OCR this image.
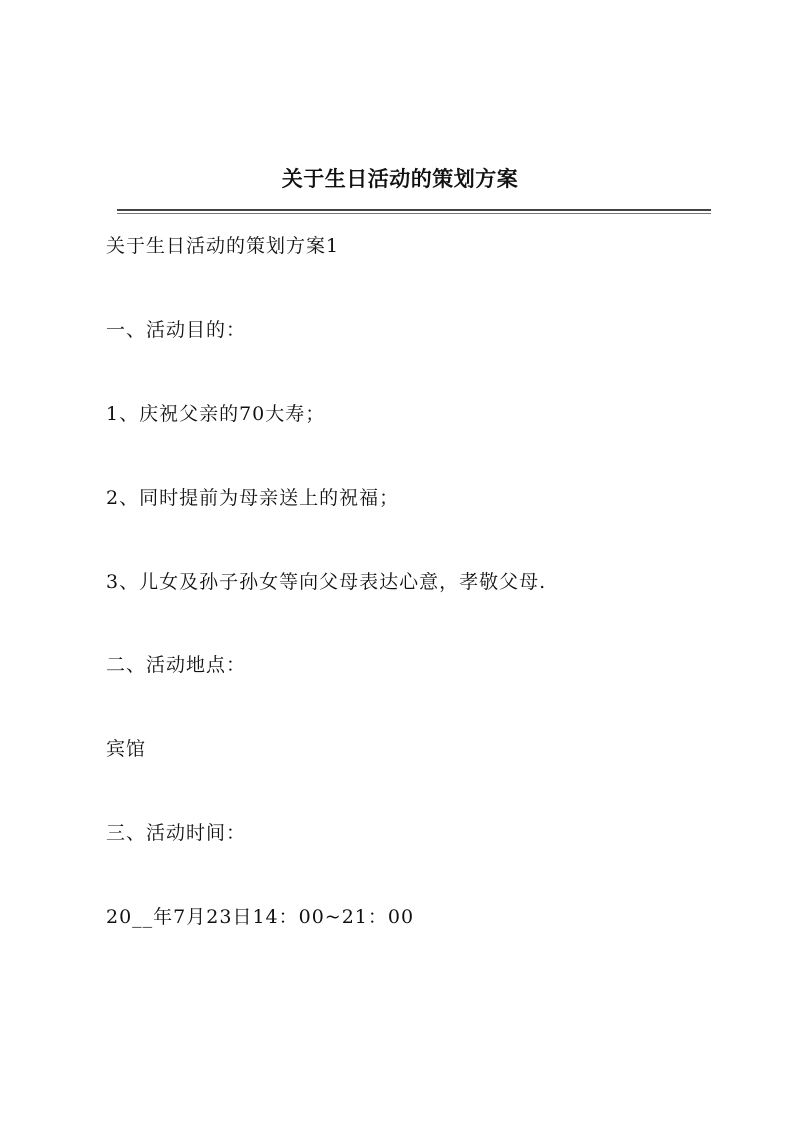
关于生日活动的策划方案
关于生日活动的策划方案1
一、活动目的：
1、庆祝父亲的70大寿；
2、同时提前为母亲送上的祝福；
3、儿女及孙子孙女等向父母表达心意，孝敬父母.
二、活动地点：
宾馆
三、活动时间：
20__年7月23日14：00~21：00
